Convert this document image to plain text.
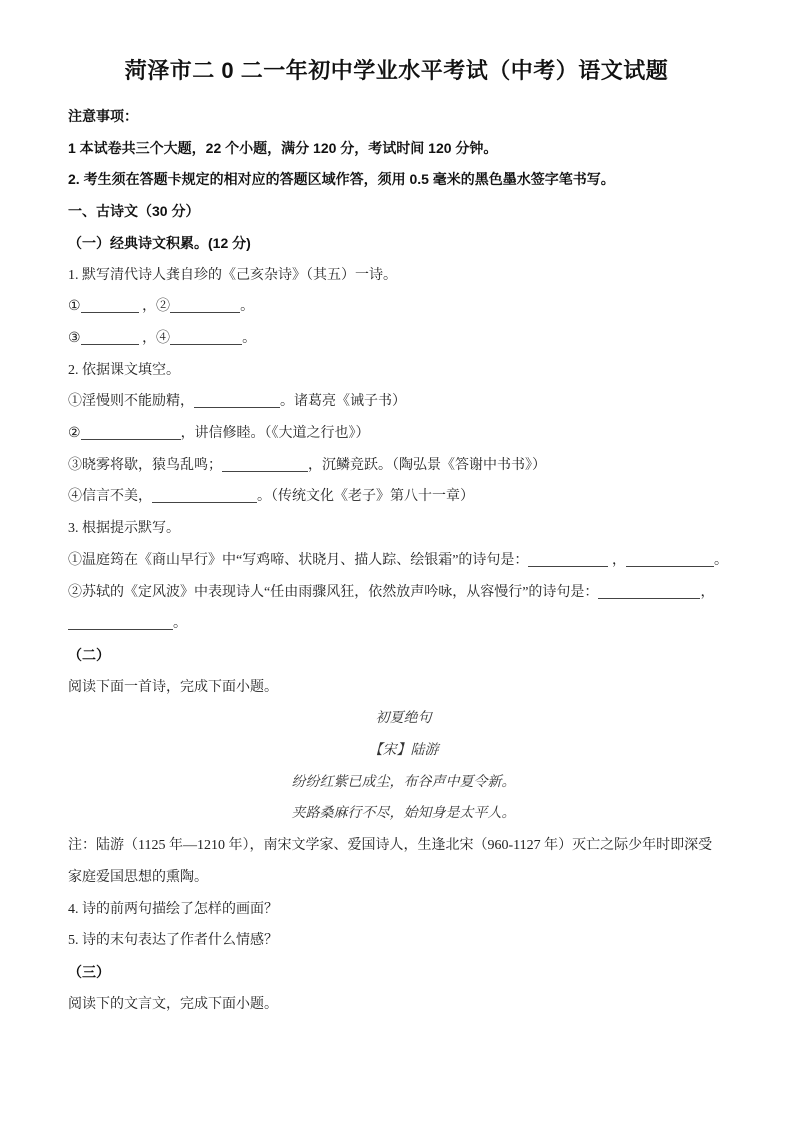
菏泽市二 0 二一年初中学业水平考试（中考）语文试题

注意事项：

1 本试卷共三个大题，22 个小题，满分 120 分，考试时间 120 分钟。

2. 考生须在答题卡规定的相对应的答题区域作答，须用 0.5 毫米的黑色墨水签字笔书写。

一、古诗文（30 分）

（一）经典诗文积累。(12 分)

1. 默写清代诗人龚自珍的《己亥杂诗》（其五）一诗。

①	，②	。

③	，④	。

2. 依据课文填空。

①淫慢则不能励精，	。诸葛亮《诫子书）

②	，讲信修睦。（《大道之行也》）

③晓雾将歇，猿鸟乱鸣；	，沉鳞竞跃。（陶弘景《答谢中书书》）

④信言不美，	。（传统文化《老子》第八十一章）

3. 根据提示默写。

①温庭筠在《商山早行》中“写鸡啼、状晓月、描人踪、绘银霜”的诗句是：	，	。

②苏轼的《定风波》中表现诗人“任由雨骤风狂，依然放声吟咏，从容慢行”的诗句是：	，

。

（二）

阅读下面一首诗，完成下面小题。

初夏绝句

【宋】陆游

纷纷红紫已成尘，布谷声中夏令新。

夹路桑麻行不尽，始知身是太平人。

注：陆游（1125 年—1210 年），南宋文学家、爱国诗人，生逢北宋（960-1127 年）灭亡之际少年时即深受

家庭爱国思想的熏陶。

4. 诗的前两句描绘了怎样的画面？

5. 诗的末句表达了作者什么情感？

（三）

阅读下的文言文，完成下面小题。
